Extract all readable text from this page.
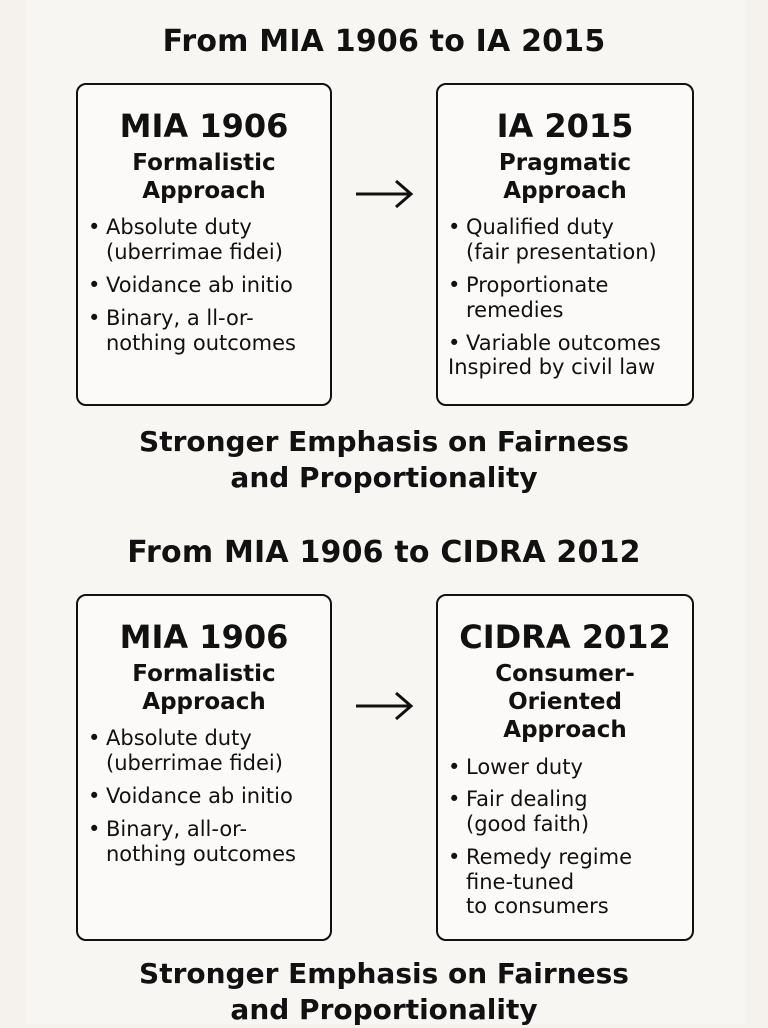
From MIA 1906 to IA 2015
MIA 1906
Formalistic
Approach
• Absolute duty
(uberrimae fidei)
• Voidance ab initio
• Binary, a ll-or-
nothing outcomes
IA 2015
Pragmatic
Approach
• Qualified duty
(fair presentation)
• Proportionate
remedies
• Variable outcomes
Inspired by civil law
Stronger Emphasis on Fairness
and Proportionality
From MIA 1906 to CIDRA 2012
MIA 1906
Formalistic
Approach
• Absolute duty
(uberrimae fidei)
• Voidance ab initio
• Binary, all-or-
nothing outcomes
CIDRA 2012
Consumer-
Oriented
Approach
• Lower duty
• Fair dealing
(good faith)
• Remedy regime
fine-tuned
to consumers
Stronger Emphasis on Fairness
and Proportionality
